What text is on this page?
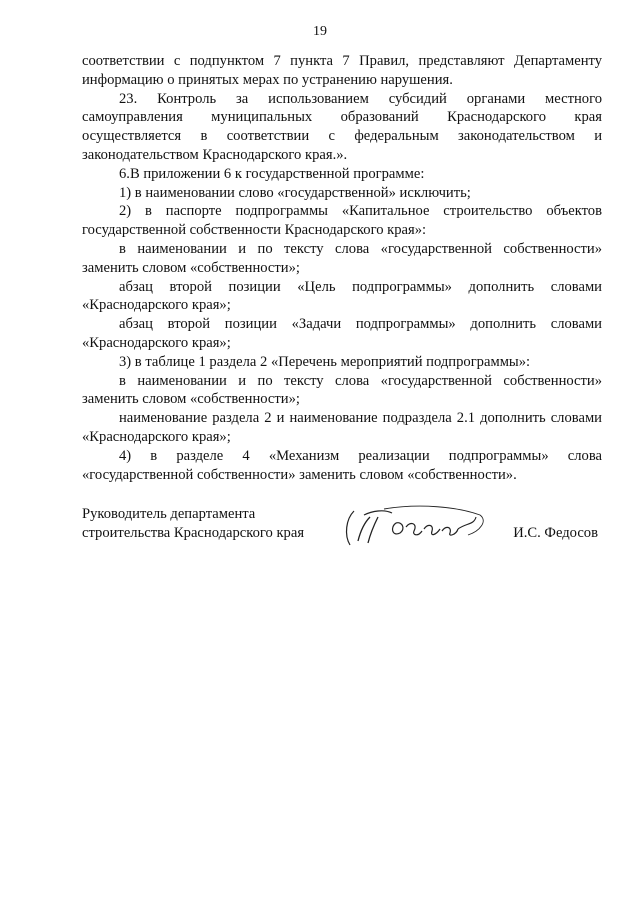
19

соответствии с подпунктом 7 пункта 7 Правил, представляют Департаменту информацию о принятых мерах по устранению нарушения.

23. Контроль за использованием субсидий органами местного самоуправления муниципальных образований Краснодарского края осуществляется в соответствии с федеральным законодательством и законодательством Краснодарского края.».

6.В приложении 6 к государственной программе:

1) в наименовании слово «государственной» исключить;

2) в паспорте подпрограммы «Капитальное строительство объектов государственной собственности Краснодарского края»:

в наименовании и по тексту слова «государственной собственности» заменить словом «собственности»;

абзац второй позиции «Цель подпрограммы» дополнить словами «Краснодарского края»;

абзац второй позиции «Задачи подпрограммы» дополнить словами «Краснодарского края»;

3) в таблице 1 раздела 2 «Перечень мероприятий подпрограммы»:

в наименовании и по тексту слова «государственной собственности» заменить словом «собственности»;

наименование раздела 2 и наименование подраздела 2.1 дополнить словами «Краснодарского края»;

4) в разделе 4 «Механизм реализации подпрограммы» слова «государственной собственности» заменить словом «собственности».

Руководитель департамента
строительства Краснодарского края	И.С. Федосов
